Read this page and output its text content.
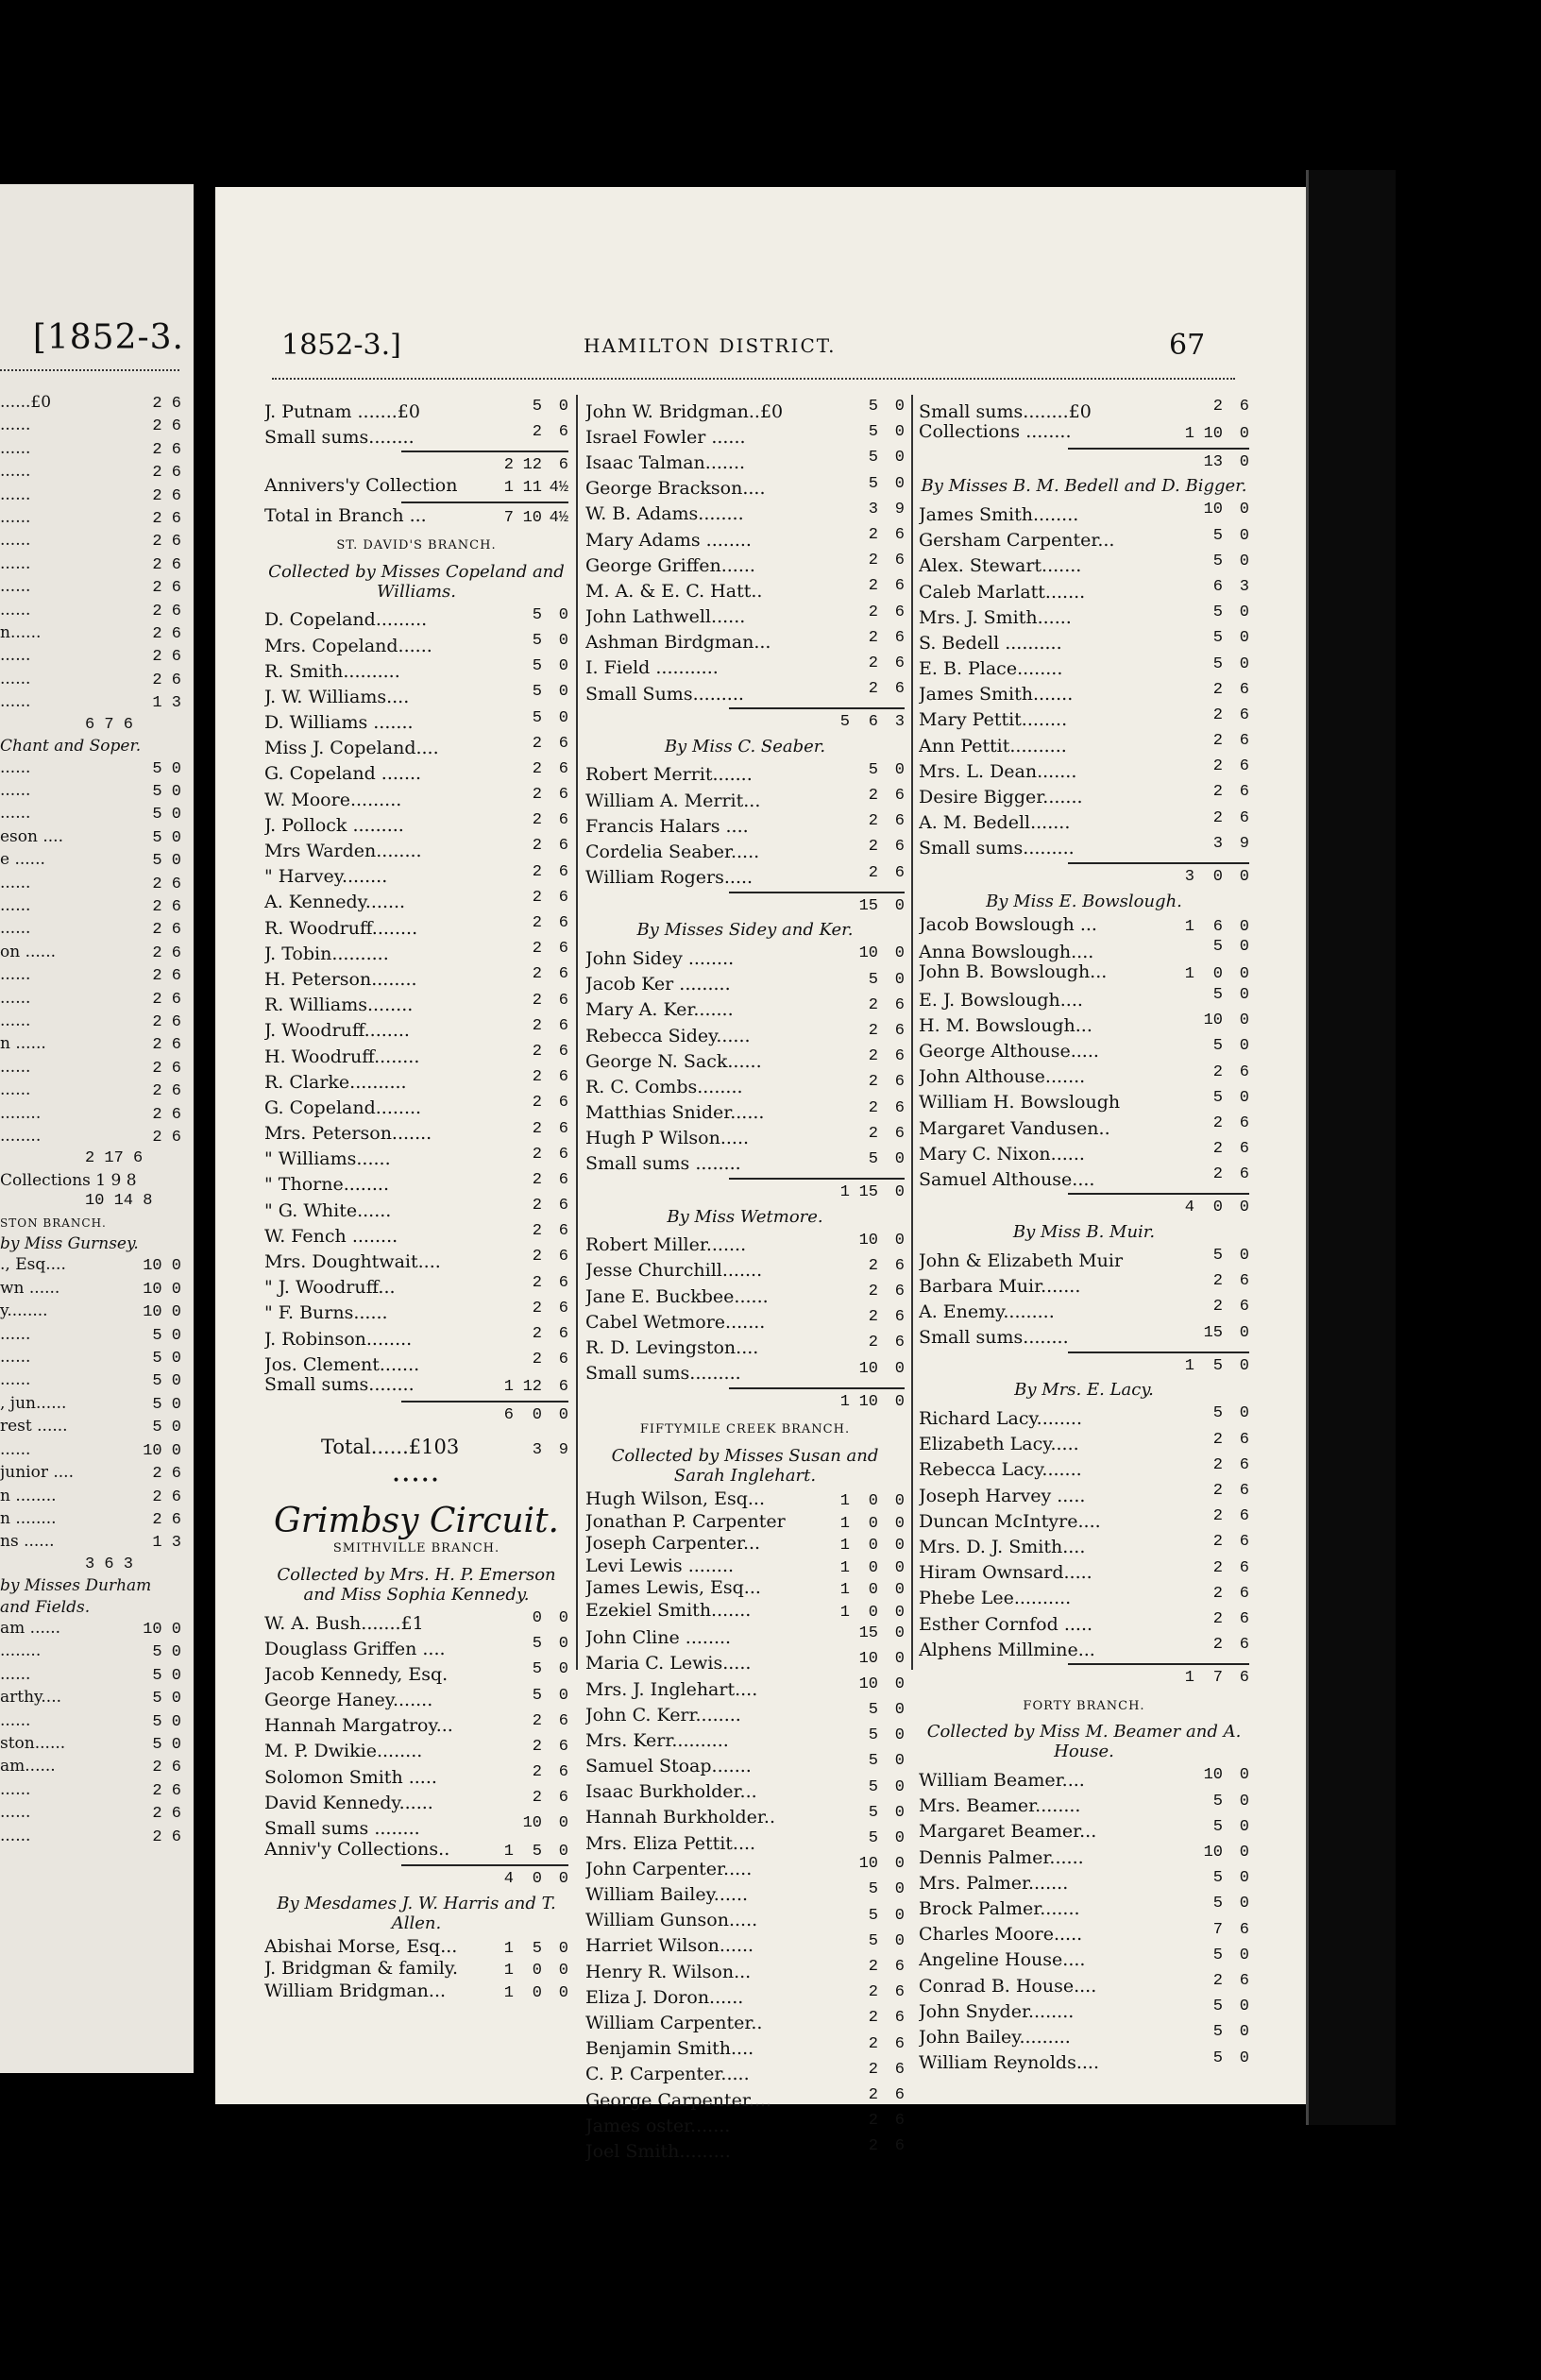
[1852-3.
......£0	2 6
......	2 6
......	2 6
......	2 6
......	2 6
......	2 6
......	2 6
......	2 6
......	2 6
......	2 6
n......	2 6
......	2 6
......	2 6
......	1 3
6 7 6
Chant and Soper.
......	5 0
......	5 0
......	5 0
eson ....	5 0
e ......	5 0
......	2 6
......	2 6
......	2 6
on ......	2 6
......	2 6
......	2 6
......	2 6
n ......	2 6
......	2 6
......	2 6
........	2 6
........	2 6
2 17 6
Collections 1 9 8
10 14 8
STON BRANCH.
by Miss Gurnsey.
., Esq....	10 0
wn ......	10 0
y........	10 0
......	5 0
......	5 0
......	5 0
, jun......	5 0
rest ......	5 0
......	10 0
junior ....	2 6
n ........	2 6
n ........	2 6
ns ......	1 3
3 6 3
by Misses Durham
and Fields.
am ......	10 0
........	5 0
......	5 0
arthy....	5 0
......	5 0
ston......	5 0
am......	2 6
......	2 6
......	2 6
......	2 6
1852-3.]	HAMILTON DISTRICT.	67
J. Putnam .......£0	5	0
Small sums........	2	6
2 12	6
Annivers'y Collection	1 11 4½
Total in Branch ...	7 10 4½
ST. DAVID'S BRANCH.
Collected by Misses Copeland and Williams.
D. Copeland.........	5	0
Mrs. Copeland......	5	0
R. Smith..........	5	0
J. W. Williams....	5	0
D. Williams .......	5	0
Miss J. Copeland....	2	6
G. Copeland .......	2	6
W. Moore.........	2	6
J. Pollock .........	2	6
Mrs Warden........	2	6
" Harvey........	2	6
A. Kennedy.......	2	6
R. Woodruff........	2	6
J. Tobin..........	2	6
H. Peterson........	2	6
R. Williams........	2	6
J. Woodruff........	2	6
H. Woodruff........	2	6
R. Clarke..........	2	6
G. Copeland........	2	6
Mrs. Peterson.......	2	6
" Williams......	2	6
" Thorne........	2	6
" G. White......	2	6
W. Fench ........	2	6
Mrs. Doughtwait....	2	6
" J. Woodruff...	2	6
" F. Burns......	2	6
J. Robinson........	2	6
Jos. Clement.......	2	6
Small sums........	1 12	6
6	0	0
Total......£103	3	9
•••••
Grimbsy Circuit.
SMITHVILLE BRANCH.
Collected by Mrs. H. P. Emerson and Miss Sophia Kennedy.
W. A. Bush.......£1	0	0
Douglass Griffen ....	5	0
Jacob Kennedy, Esq.	5	0
George Haney.......	5	0
Hannah Margatroy...	2	6
M. P. Dwikie........	2	6
Solomon Smith .....	2	6
David Kennedy......	2	6
Small sums ........	10	0
Anniv'y Collections..	1	5	0
4	0	0
By Mesdames J. W. Harris and T. Allen.
Abishai Morse, Esq...	1	5	0
J. Bridgman & family.	1	0	0
William Bridgman...	1	0	0
John W. Bridgman..£0	5	0
Israel Fowler ......	5	0
Isaac Talman.......	5	0
George Brackson....	5	0
W. B. Adams........	3	9
Mary Adams ........	2	6
George Griffen......	2	6
M. A. & E. C. Hatt..	2	6
John Lathwell......	2	6
Ashman Birdgman...	2	6
I. Field ...........	2	6
Small Sums.........	2	6
5	6	3
By Miss C. Seaber.
Robert Merrit.......	5	0
William A. Merrit...	2	6
Francis Halars ....	2	6
Cordelia Seaber.....	2	6
William Rogers.....	2	6
15	0
By Misses Sidey and Ker.
John Sidey ........	10	0
Jacob Ker .........	5	0
Mary A. Ker.......	2	6
Rebecca Sidey......	2	6
George N. Sack......	2	6
R. C. Combs........	2	6
Matthias Snider......	2	6
Hugh P Wilson.....	2	6
Small sums ........	5	0
1 15	0
By Miss Wetmore.
Robert Miller.......	10	0
Jesse Churchill.......	2	6
Jane E. Buckbee......	2	6
Cabel Wetmore.......	2	6
R. D. Levingston....	2	6
Small sums.........	10	0
1 10	0
FIFTYMILE CREEK BRANCH.
Collected by Misses Susan and Sarah Inglehart.
Hugh Wilson, Esq...	1	0	0
Jonathan P. Carpenter	1	0	0
Joseph Carpenter...	1	0	0
Levi Lewis ........	1	0	0
James Lewis, Esq...	1	0	0
Ezekiel Smith.......	1	0	0
John Cline ........	15	0
Maria C. Lewis.....	10	0
Mrs. J. Inglehart....	10	0
John C. Kerr........	5	0
Mrs. Kerr..........	5	0
Samuel Stoap.......	5	0
Isaac Burkholder...	5	0
Hannah Burkholder..	5	0
Mrs. Eliza Pettit....	5	0
John Carpenter.....	10	0
William Bailey......	5	0
William Gunson.....	5	0
Harriet Wilson......	5	0
Henry R. Wilson...	2	6
Eliza J. Doron......	2	6
William Carpenter..	2	6
Benjamin Smith....	2	6
C. P. Carpenter.....	2	6
George Carpenter....	2	6
James oster.......	2	6
Joel Smith.........	2	6
Small sums........£0	2	6
Collections ........	1 10	0
13	0
By Misses B. M. Bedell and D. Bigger.
James Smith........	10	0
Gersham Carpenter...	5	0
Alex. Stewart.......	5	0
Caleb Marlatt.......	6	3
Mrs. J. Smith......	5	0
S. Bedell ..........	5	0
E. B. Place........	5	0
James Smith.......	2	6
Mary Pettit........	2	6
Ann Pettit..........	2	6
Mrs. L. Dean.......	2	6
Desire Bigger.......	2	6
A. M. Bedell.......	2	6
Small sums.........	3	9
3	0	0
By Miss E. Bowslough.
Jacob Bowslough ...	1	6	0
Anna Bowslough....	5	0
John B. Bowslough...	1	0	0
E. J. Bowslough....	5	0
H. M. Bowslough...	10	0
George Althouse.....	5	0
John Althouse.......	2	6
William H. Bowslough	5	0
Margaret Vandusen..	2	6
Mary C. Nixon......	2	6
Samuel Althouse....	2	6
4	0	0
By Miss B. Muir.
John & Elizabeth Muir	5	0
Barbara Muir.......	2	6
A. Enemy.........	2	6
Small sums........	15	0
1	5	0
By Mrs. E. Lacy.
Richard Lacy........	5	0
Elizabeth Lacy.....	2	6
Rebecca Lacy.......	2	6
Joseph Harvey .....	2	6
Duncan McIntyre....	2	6
Mrs. D. J. Smith....	2	6
Hiram Ownsard.....	2	6
Phebe Lee..........	2	6
Esther Cornfod .....	2	6
Alphens Millmine...	2	6
1	7	6
FORTY BRANCH.
Collected by Miss M. Beamer and A. House.
William Beamer....	10	0
Mrs. Beamer........	5	0
Margaret Beamer...	5	0
Dennis Palmer......	10	0
Mrs. Palmer.......	5	0
Brock Palmer.......	5	0
Charles Moore.....	7	6
Angeline House....	5	0
Conrad B. House....	2	6
John Snyder........	5	0
John Bailey.........	5	0
William Reynolds....	5	0
